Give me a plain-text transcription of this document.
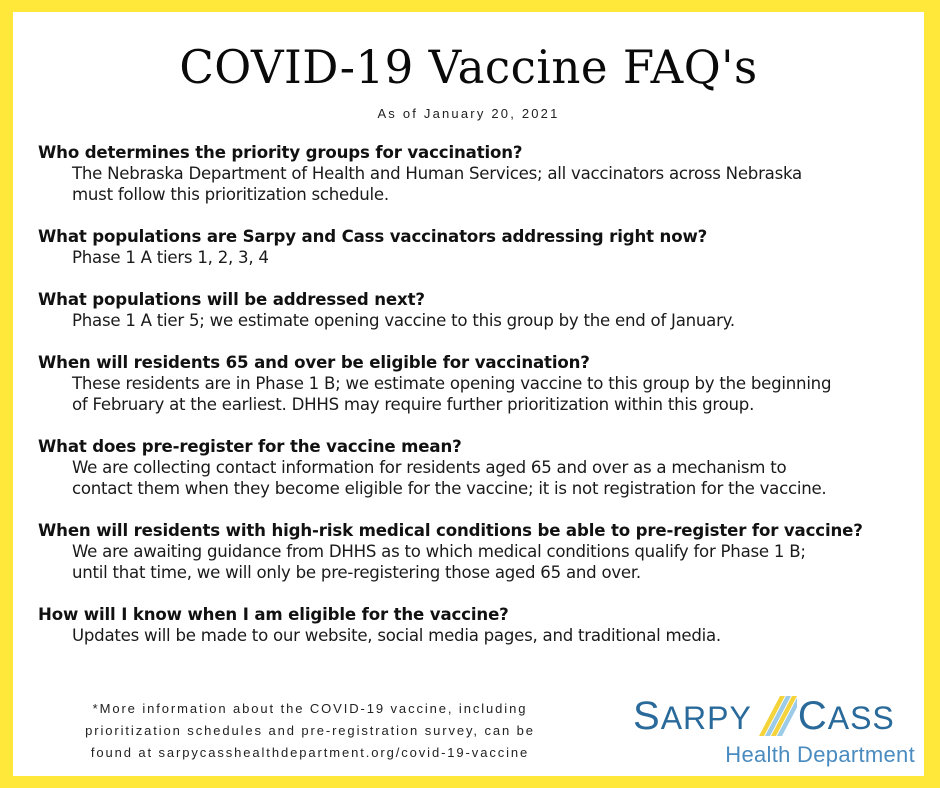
COVID-19 Vaccine FAQ's
As of January 20, 2021
Who determines the priority groups for vaccination?
The Nebraska Department of Health and Human Services; all vaccinators across Nebraska
must follow this prioritization schedule.
What populations are Sarpy and Cass vaccinators addressing right now?
Phase 1 A tiers 1, 2, 3, 4
What populations will be addressed next?
Phase 1 A tier 5; we estimate opening vaccine to this group by the end of January.
When will residents 65 and over be eligible for vaccination?
These residents are in Phase 1 B; we estimate opening vaccine to this group by the beginning
of February at the earliest. DHHS may require further prioritization within this group.
What does pre-register for the vaccine mean?
We are collecting contact information for residents aged 65 and over as a mechanism to
contact them when they become eligible for the vaccine; it is not registration for the vaccine.
When will residents with high-risk medical conditions be able to pre-register for vaccine?
We are awaiting guidance from DHHS as to which medical conditions qualify for Phase 1 B;
until that time, we will only be pre-registering those aged 65 and over.
How will I know when I am eligible for the vaccine?
Updates will be made to our website, social media pages, and traditional media.
*More information about the COVID-19 vaccine, including
prioritization schedules and pre-registration survey, can be
found at sarpycasshealthdepartment.org/covid-19-vaccine
SARPY CASS
Health Department
